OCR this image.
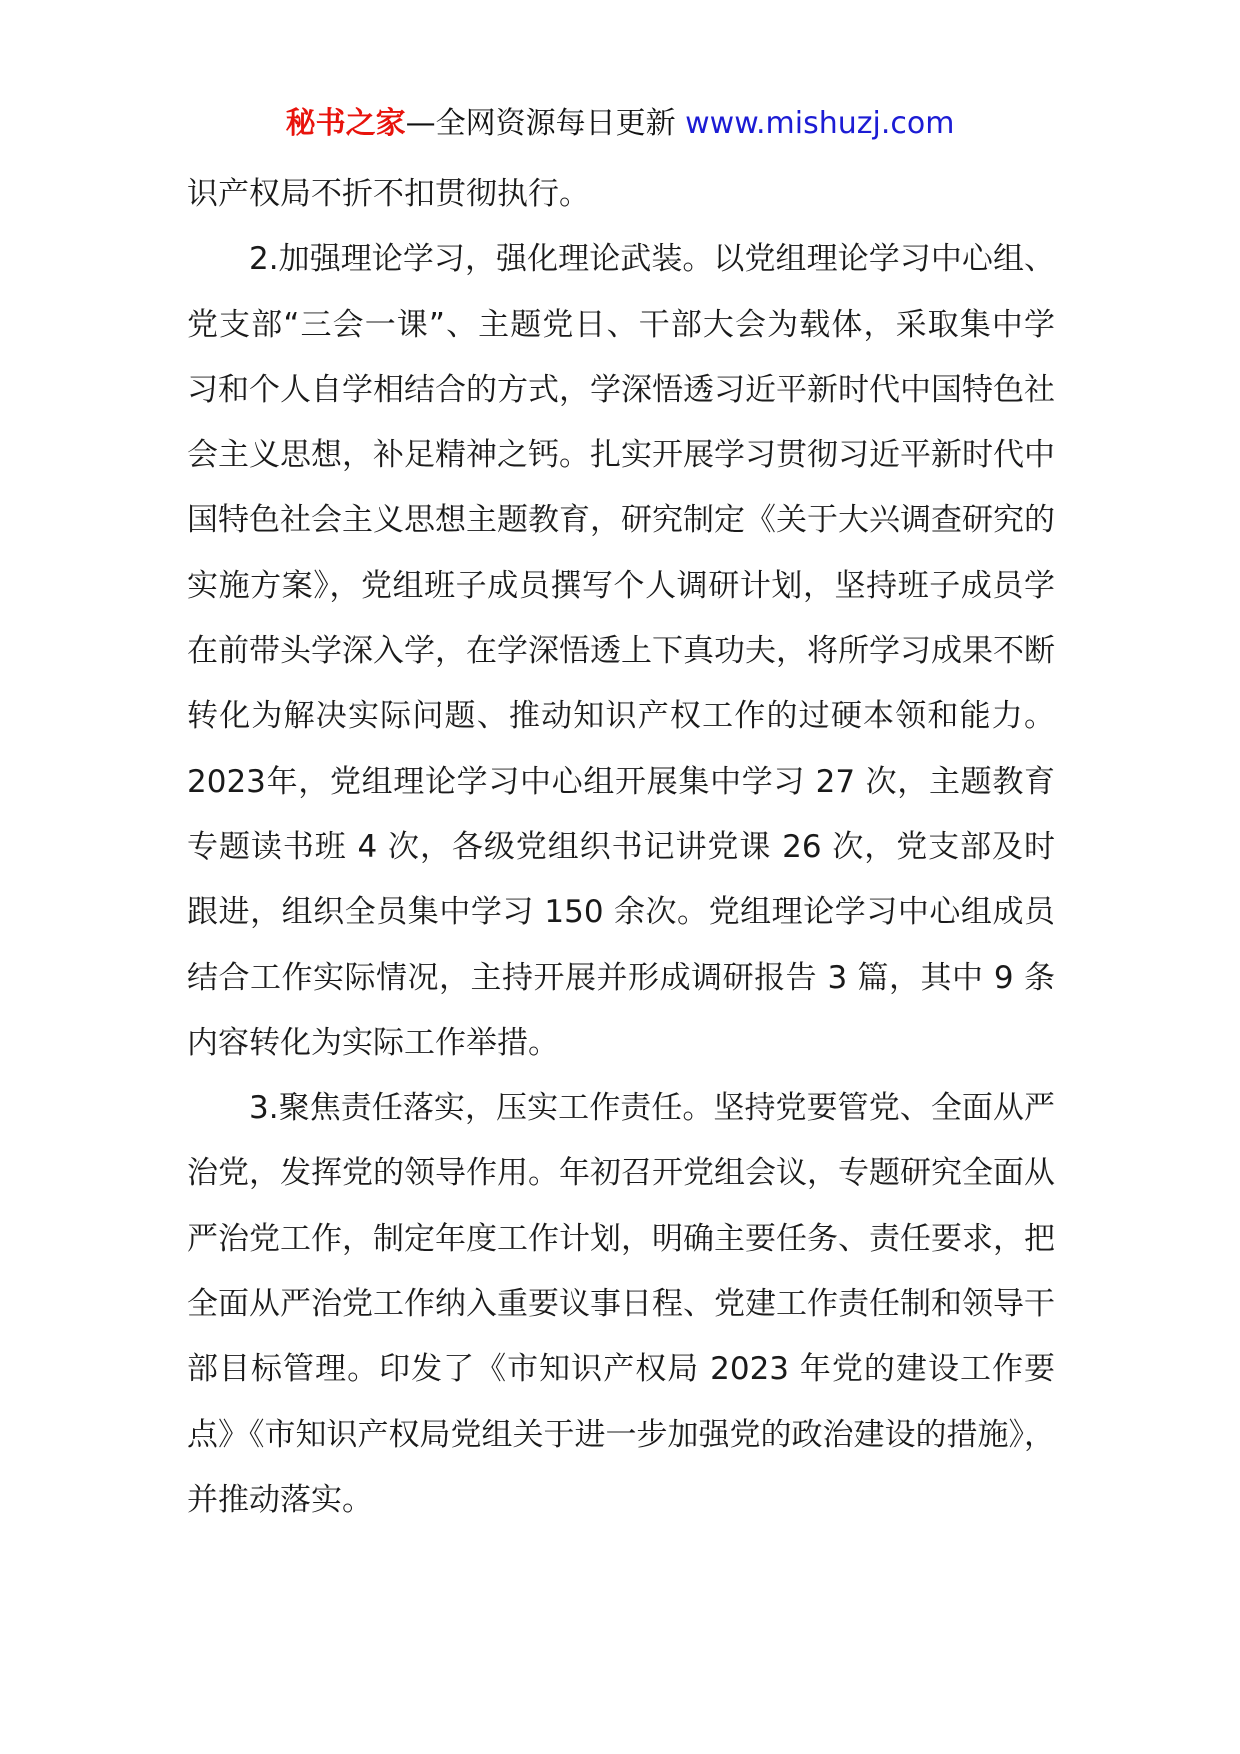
秘书之家—全网资源每日更新 www.mishuzj.com

识产权局不折不扣贯彻执行。

2.加强理论学习，强化理论武装。以党组理论学习中心组、党支部“三会一课”、主题党日、干部大会为载体，采取集中学习和个人自学相结合的方式，学深悟透习近平新时代中国特色社会主义思想，补足精神之钙。扎实开展学习贯彻习近平新时代中国特色社会主义思想主题教育，研究制定《关于大兴调查研究的实施方案》，党组班子成员撰写个人调研计划，坚持班子成员学在前带头学深入学，在学深悟透上下真功夫，将所学习成果不断转化为解决实际问题、推动知识产权工作的过硬本领和能力。2023年，党组理论学习中心组开展集中学习 27 次，主题教育专题读书班 4 次，各级党组织书记讲党课 26 次，党支部及时跟进，组织全员集中学习 150 余次。党组理论学习中心组成员结合工作实际情况，主持开展并形成调研报告 3 篇，其中 9 条内容转化为实际工作举措。

3.聚焦责任落实，压实工作责任。坚持党要管党、全面从严治党，发挥党的领导作用。年初召开党组会议，专题研究全面从严治党工作，制定年度工作计划，明确主要任务、责任要求，把全面从严治党工作纳入重要议事日程、党建工作责任制和领导干部目标管理。印发了《市知识产权局 2023 年党的建设工作要点》《市知识产权局党组关于进一步加强党的政治建设的措施》，并推动落实。
